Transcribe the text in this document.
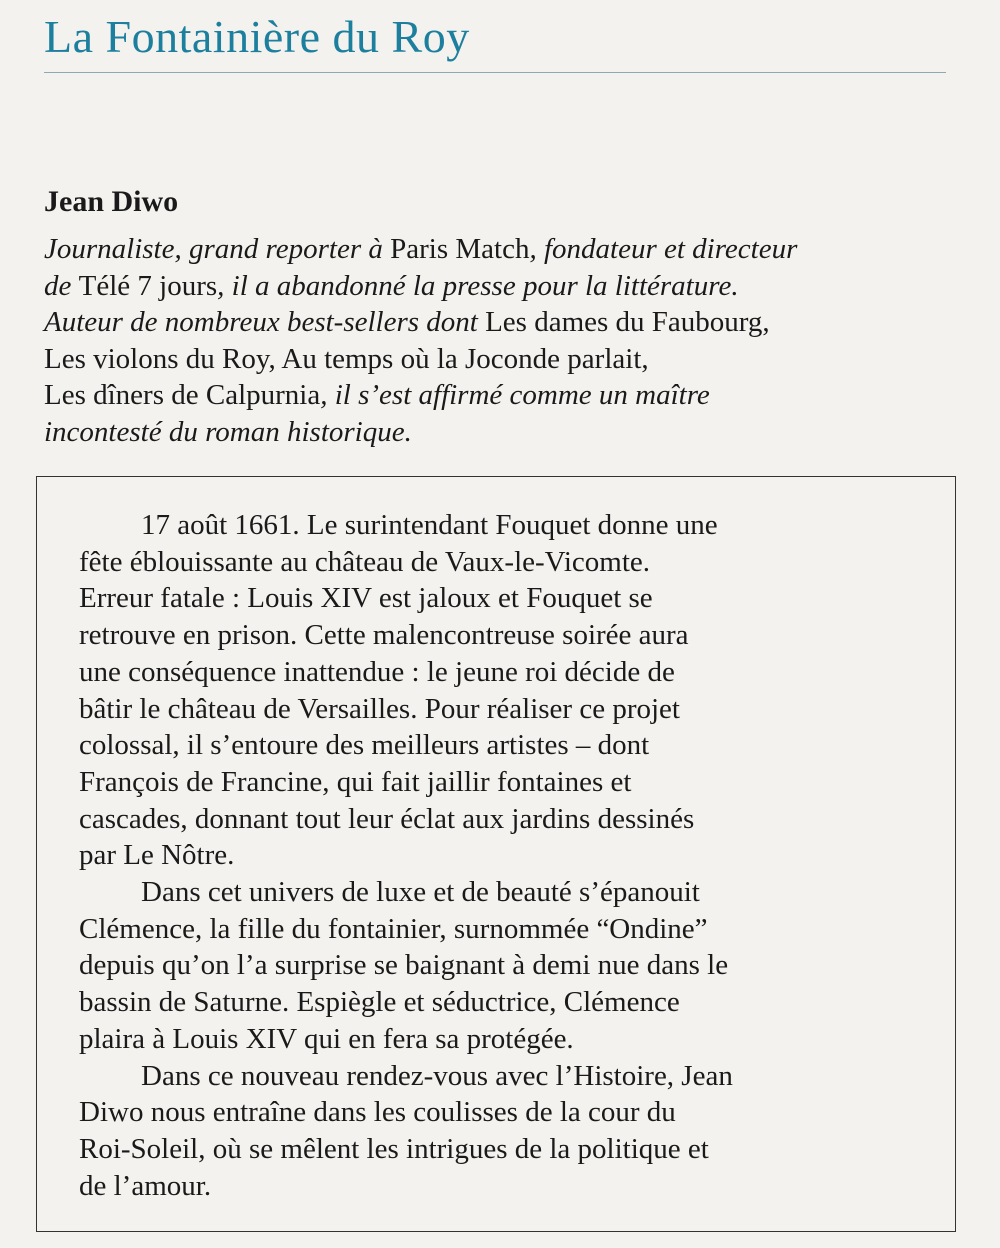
La Fontainière du Roy
Jean Diwo
Journaliste, grand reporter à Paris Match, fondateur et directeur
de Télé 7 jours, il a abandonné la presse pour la littérature.
Auteur de nombreux best-sellers dont Les dames du Faubourg,
Les violons du Roy, Au temps où la Joconde parlait,
Les dîners de Calpurnia, il s’est affirmé comme un maître
incontesté du roman historique.
17 août 1661. Le surintendant Fouquet donne une
fête éblouissante au château de Vaux-le-Vicomte.
Erreur fatale : Louis XIV est jaloux et Fouquet se
retrouve en prison. Cette malencontreuse soirée aura
une conséquence inattendue : le jeune roi décide de
bâtir le château de Versailles. Pour réaliser ce projet
colossal, il s’entoure des meilleurs artistes – dont
François de Francine, qui fait jaillir fontaines et
cascades, donnant tout leur éclat aux jardins dessinés
par Le Nôtre.
Dans cet univers de luxe et de beauté s’épanouit
Clémence, la fille du fontainier, surnommée “Ondine”
depuis qu’on l’a surprise se baignant à demi nue dans le
bassin de Saturne. Espiègle et séductrice, Clémence
plaira à Louis XIV qui en fera sa protégée.
Dans ce nouveau rendez-vous avec l’Histoire, Jean
Diwo nous entraîne dans les coulisses de la cour du
Roi-Soleil, où se mêlent les intrigues de la politique et
de l’amour.
